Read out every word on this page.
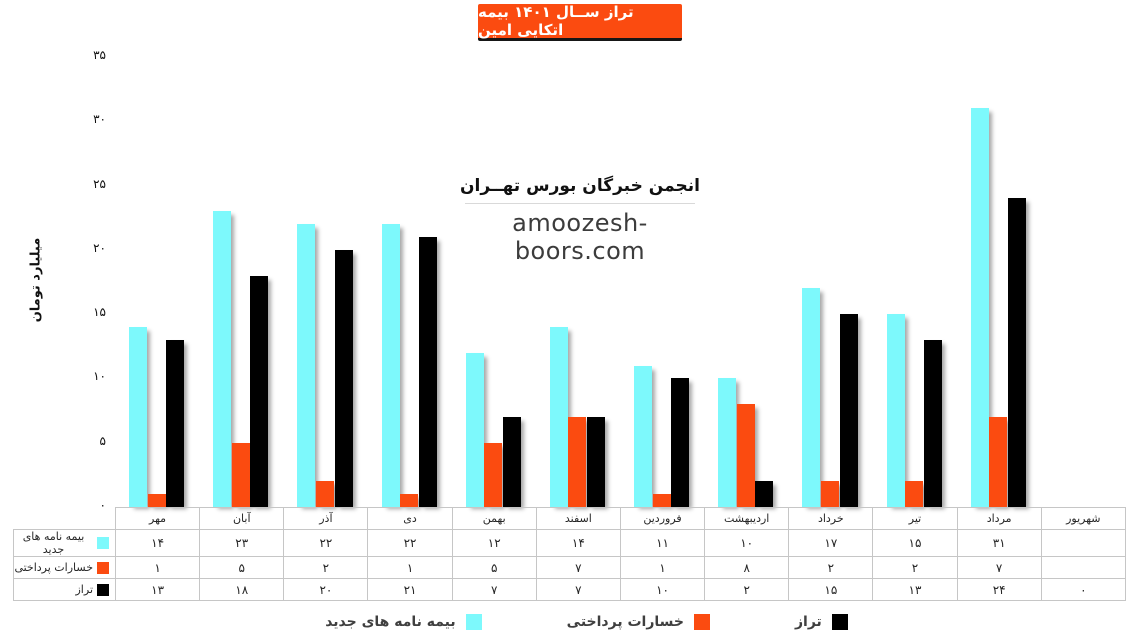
تراز ســال ۱۴۰۱ بیمه اتکایی امین
میلیارد تومان
۳۵
۳۰
۲۵
۲۰
۱۵
۱۰
۵
۰
انجمن خبرگان بورس تهــران
amoozesh-boors.com
	مهر	آبان	آذر	دی	بهمن	اسفند	فروردین	اردیبهشت	خرداد	تیر	مرداد	شهریور

بیمه نامه های جدید	۱۴	۲۳	۲۲	۲۲	۱۲	۱۴	۱۱	۱۰	۱۷	۱۵	۳۱	

خسارات پرداختی	۱	۵	۲	۱	۵	۷	۱	۸	۲	۲	۷	

تراز	۱۳	۱۸	۲۰	۲۱	۷	۷	۱۰	۲	۱۵	۱۳	۲۴	۰
بیمه نامه های جدید	خسارات پرداختی	تراز
